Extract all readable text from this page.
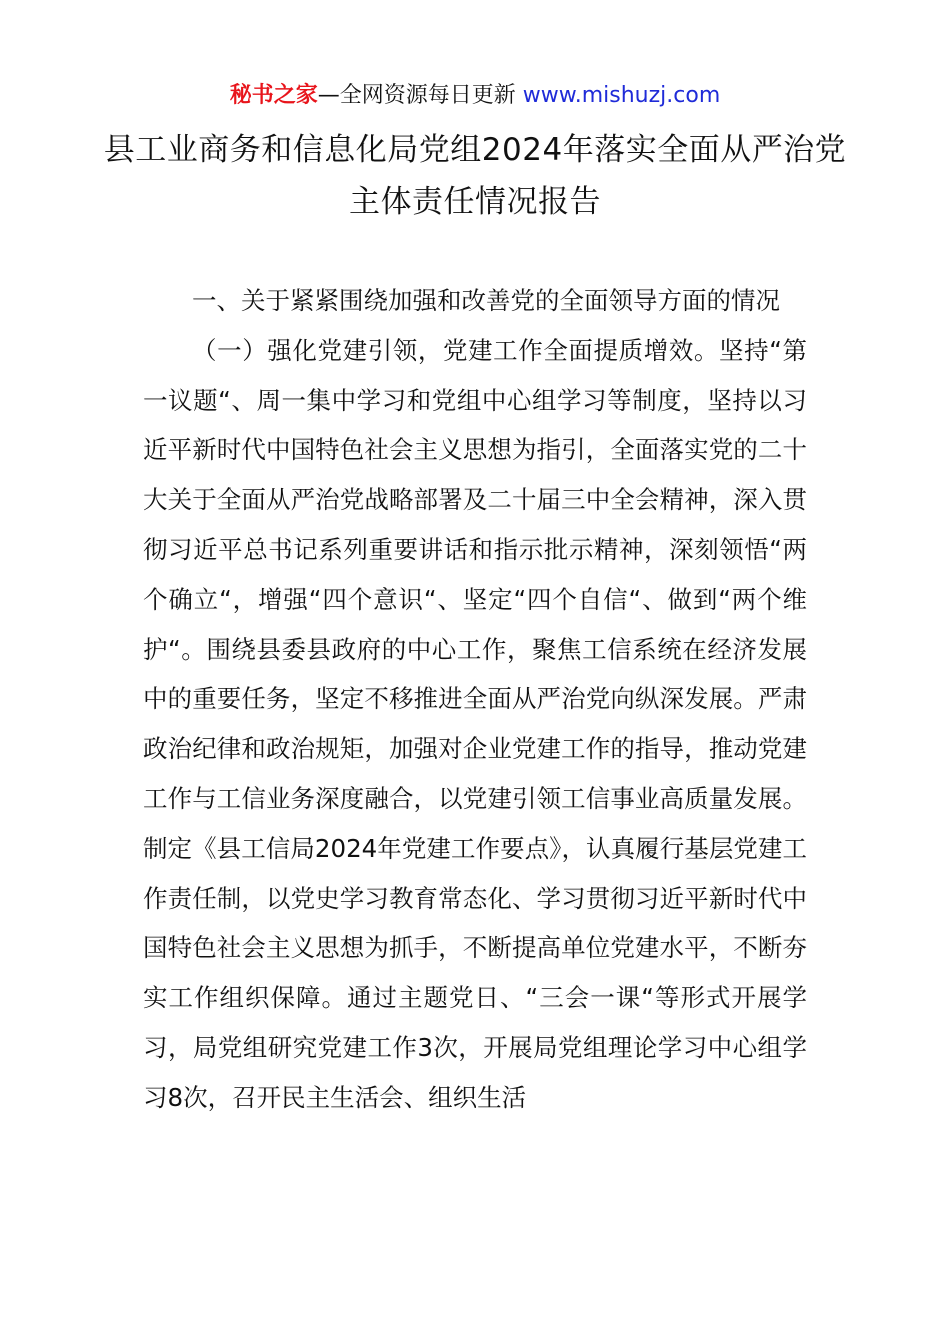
秘书之家—全网资源每日更新 www.mishuzj.com
县工业商务和信息化局党组2024年落实全面从严治党主体责任情况报告

一、关于紧紧围绕加强和改善党的全面领导方面的情况

（一）强化党建引领，党建工作全面提质增效。坚持“第一议题“、周一集中学习和党组中心组学习等制度，坚持以习近平新时代中国特色社会主义思想为指引，全面落实党的二十大关于全面从严治党战略部署及二十届三中全会精神，深入贯彻习近平总书记系列重要讲话和指示批示精神，深刻领悟“两个确立“，增强“四个意识“、坚定“四个自信“、做到“两个维护“。围绕县委县政府的中心工作，聚焦工信系统在经济发展中的重要任务，坚定不移推进全面从严治党向纵深发展。严肃政治纪律和政治规矩，加强对企业党建工作的指导，推动党建工作与工信业务深度融合，以党建引领工信事业高质量发展。制定《县工信局2024年党建工作要点》，认真履行基层党建工作责任制，以党史学习教育常态化、学习贯彻习近平新时代中国特色社会主义思想为抓手，不断提高单位党建水平，不断夯实工作组织保障。通过主题党日、“三会一课“等形式开展学习，局党组研究党建工作3次，开展局党组理论学习中心组学习8次，召开民主生活会、组织生活
